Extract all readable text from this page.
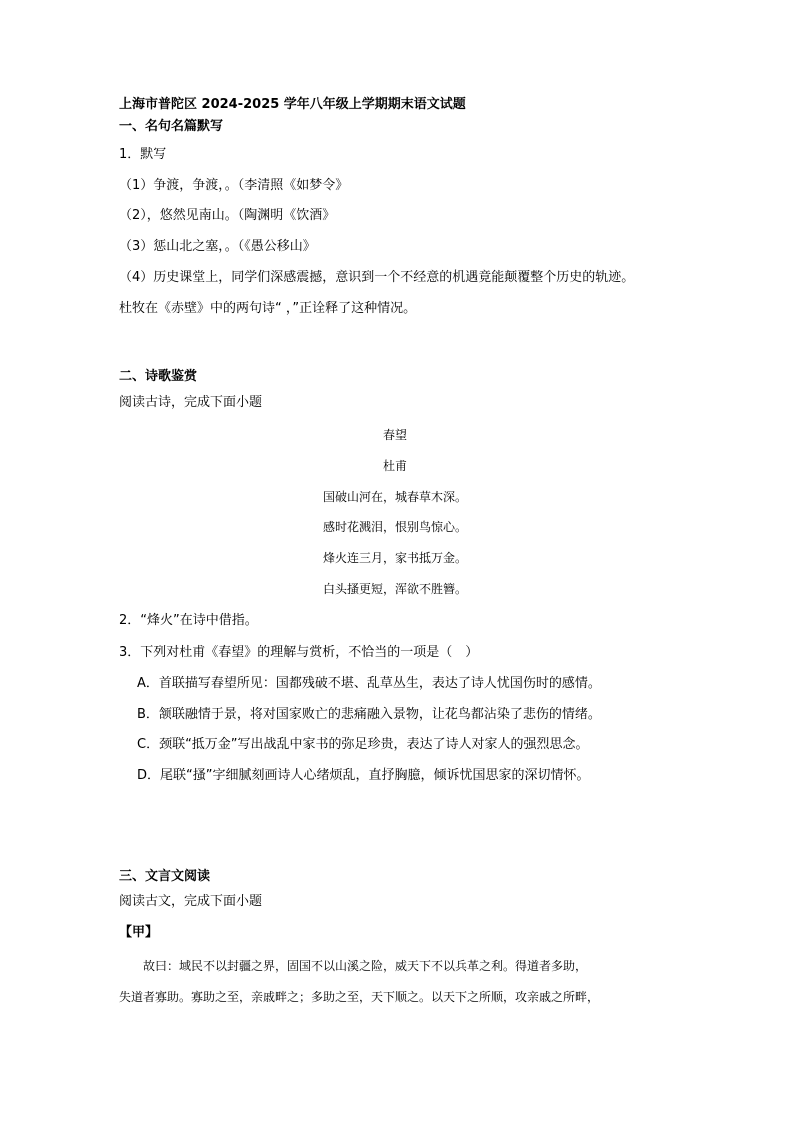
上海市普陀区 2024-2025 学年八年级上学期期末语文试题
一、名句名篇默写
1．默写
（1）争渡，争渡，。（李清照《如梦令》
（2），悠然见南山。（陶渊明《饮酒》
（3）惩山北之塞，。（《愚公移山》
（4）历史课堂上，同学们深感震撼，意识到一个不经意的机遇竟能颠覆整个历史的轨迹。
杜牧在《赤壁》中的两句诗“ ，”正诠释了这种情况。
二、诗歌鉴赏
阅读古诗，完成下面小题
春望
杜甫
国破山河在，城春草木深。
感时花溅泪，恨别鸟惊心。
烽火连三月，家书抵万金。
白头搔更短，浑欲不胜簪。
2．“烽火”在诗中借指。
3．下列对杜甫《春望》的理解与赏析，不恰当的一项是（　）
A．首联描写春望所见：国都残破不堪、乱草丛生，表达了诗人忧国伤时的感情。
B．颔联融情于景，将对国家败亡的悲痛融入景物，让花鸟都沾染了悲伤的情绪。
C．颈联“抵万金”写出战乱中家书的弥足珍贵，表达了诗人对家人的强烈思念。
D．尾联“搔”字细腻刻画诗人心绪烦乱，直抒胸臆，倾诉忧国思家的深切情怀。
三、文言文阅读
阅读古文，完成下面小题
【甲】
　　故曰：域民不以封疆之界，固国不以山溪之险，威天下不以兵革之利。得道者多助，
失道者寡助。寡助之至，亲戚畔之；多助之至，天下顺之。以天下之所顺，攻亲戚之所畔，
